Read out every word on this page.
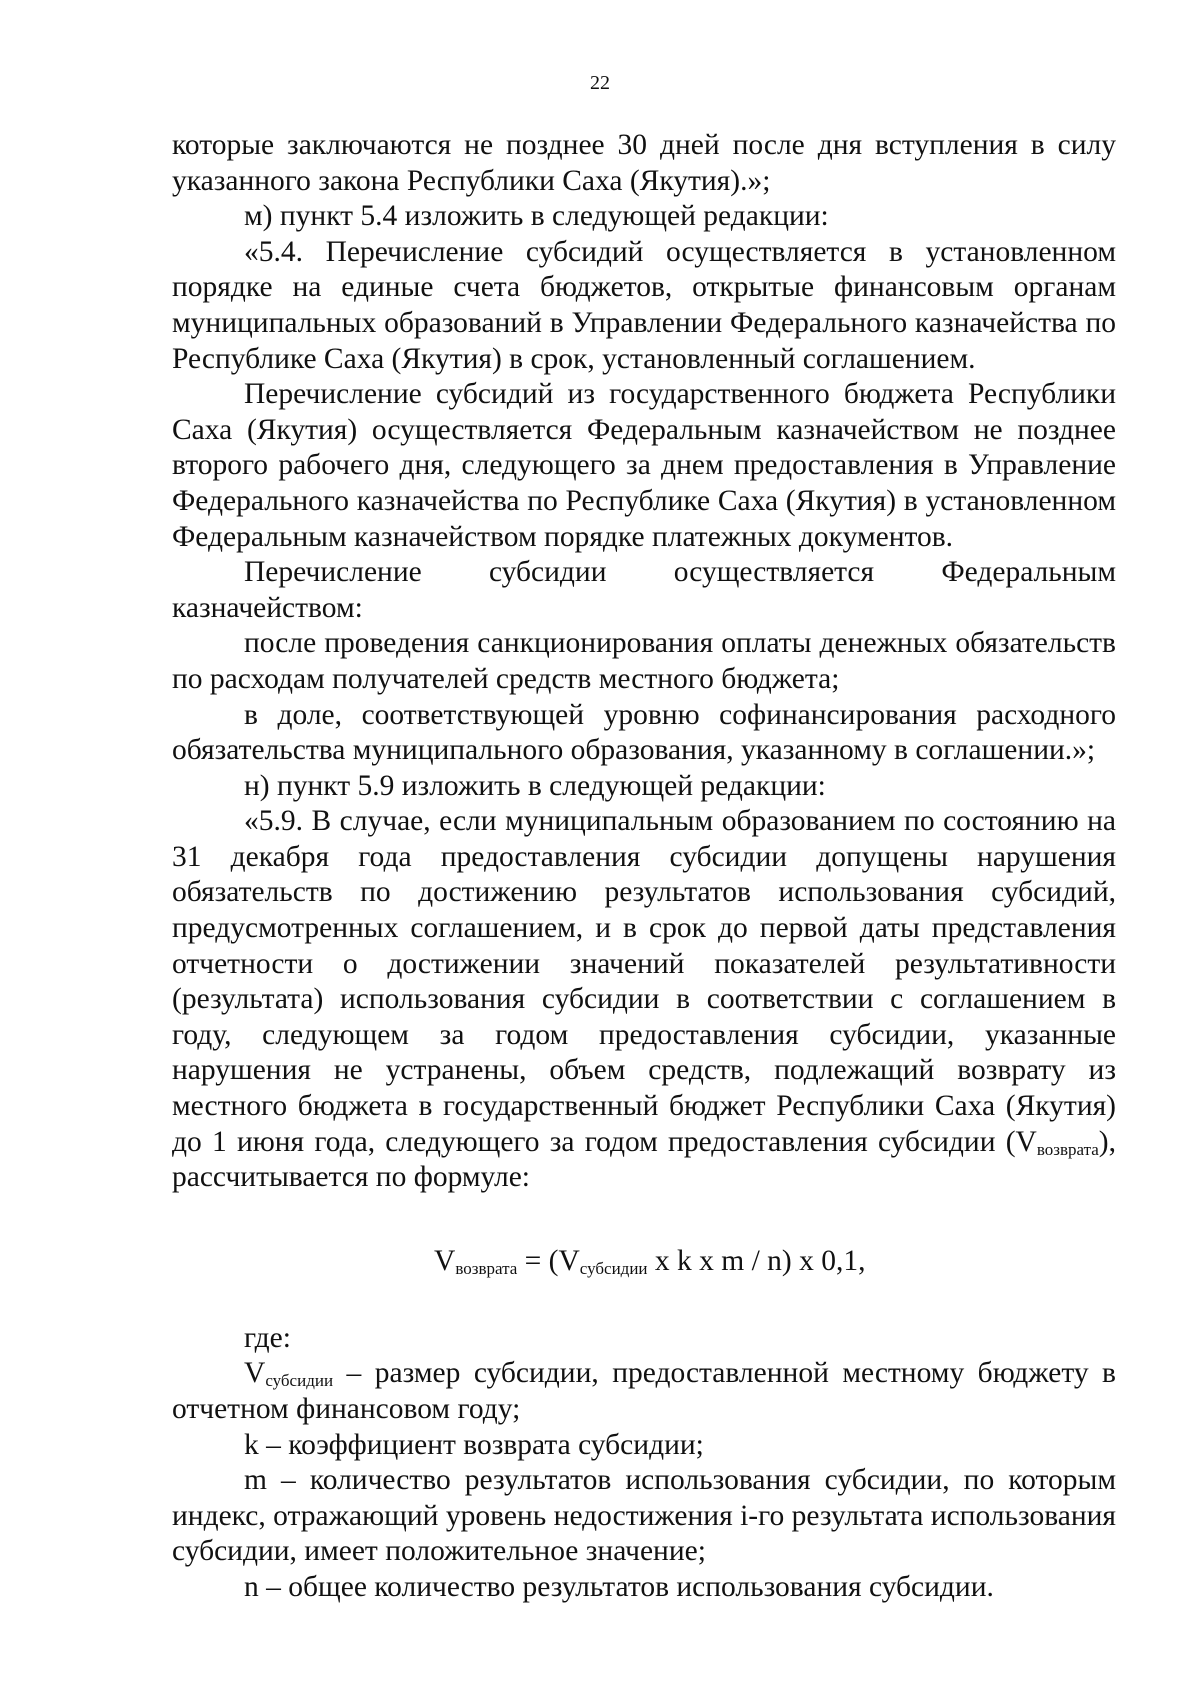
22

которые заключаются не позднее 30 дней после дня вступления в силу указанного закона Республики Саха (Якутия).»;

м) пункт 5.4 изложить в следующей редакции:

«5.4. Перечисление субсидий осуществляется в установленном порядке на единые счета бюджетов, открытые финансовым органам муниципальных образований в Управлении Федерального казначейства по Республике Саха (Якутия) в срок, установленный соглашением.

Перечисление субсидий из государственного бюджета Республики Саха (Якутия) осуществляется Федеральным казначейством не позднее второго рабочего дня, следующего за днем предоставления в Управление Федерального казначейства по Республике Саха (Якутия) в установленном Федеральным казначейством порядке платежных документов.

Перечисление субсидии осуществляется Федеральным казначейством:

после проведения санкционирования оплаты денежных обязательств по расходам получателей средств местного бюджета;

в доле, соответствующей уровню софинансирования расходного обязательства муниципального образования, указанному в соглашении.»;

н) пункт 5.9 изложить в следующей редакции:

«5.9. В случае, если муниципальным образованием по состоянию на 31 декабря года предоставления субсидии допущены нарушения обязательств по достижению результатов использования субсидий, предусмотренных соглашением, и в срок до первой даты представления отчетности о достижении значений показателей результативности (результата) использования субсидии в соответствии с соглашением в году, следующем за годом предоставления субсидии, указанные нарушения не устранены, объем средств, подлежащий возврату из местного бюджета в государственный бюджет Республики Саха (Якутия) до 1 июня года, следующего за годом предоставления субсидии $(V_{возврата})$, рассчитывается по формуле:

$V_{возврата} = (V_{субсидии}$ x k x m / n) x 0,1,

где:

$V_{субсидии}$ – размер субсидии, предоставленной местному бюджету в отчетном финансовом году;

k – коэффициент возврата субсидии;

m – количество результатов использования субсидии, по которым индекс, отражающий уровень недостижения i-го результата использования субсидии, имеет положительное значение;

n – общее количество результатов использования субсидии.
